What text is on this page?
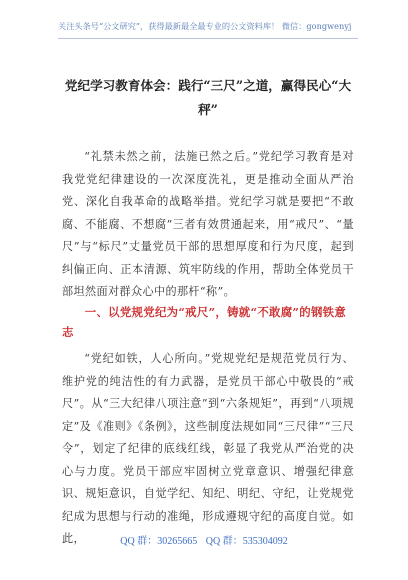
关注头条号“公文研究”，获得最新最全最专业的公文资料库！ 微信：gongwenyj
党纪学习教育体会：践行“三尺”之道，赢得民心“大秤”
“礼禁未然之前，法施已然之后。”党纪学习教育是对我党党纪律建设的一次深度洗礼，更是推动全面从严治党、深化自我革命的战略举措。党纪学习就是要把“不敢腐、不能腐、不想腐”三者有效贯通起来，用“戒尺”、“量尺”与“标尺”丈量党员干部的思想厚度和行为尺度，起到纠偏正向、正本清源、筑牢防线的作用，帮助全体党员干部坦然面对群众心中的那杆“称”。
一、以党规党纪为“戒尺”，铸就“不敢腐”的钢铁意志
“党纪如铁，人心所向。”党规党纪是规范党员行为、维护党的纯洁性的有力武器，是党员干部心中敬畏的“戒尺”。从“三大纪律八项注意”到“六条规矩”，再到“八项规定”及《准则》《条例》，这些制度法规如同“三尺律”“三尺令”，划定了纪律的底线红线，彰显了我党从严治党的决心与力度。党员干部应牢固树立党章意识、增强纪律意识、规矩意识，自觉学纪、知纪、明纪、守纪，让党规党纪成为思想与行动的准绳，形成遵规守纪的高度自觉。如此，	QQ 群：30265665 QQ 群：535304092
